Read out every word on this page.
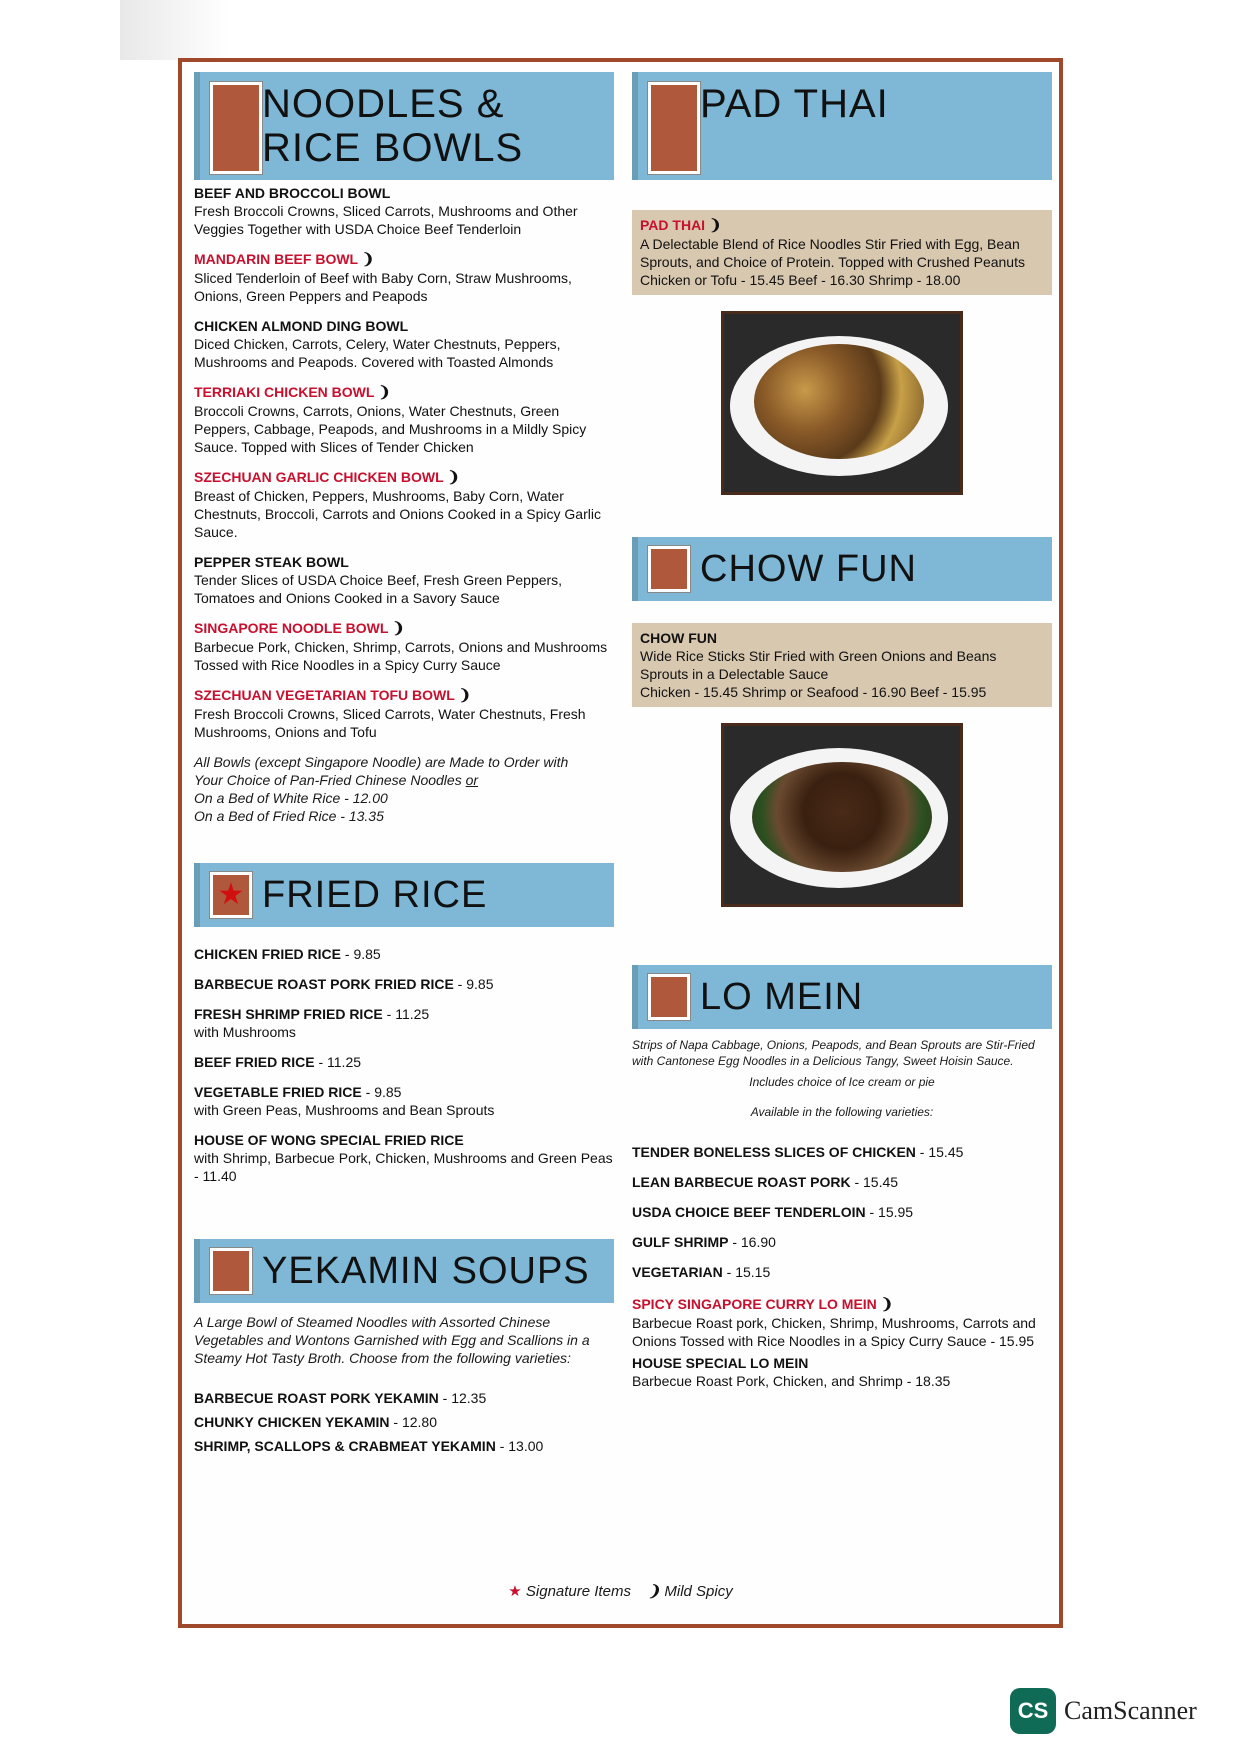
NOODLES &
RICE BOWLS
BEEF AND BROCCOLI BOWL
Fresh Broccoli Crowns, Sliced Carrots, Mushrooms and Other Veggies Together with USDA Choice Beef Tenderloin
MANDARIN BEEF BOWL ❩
Sliced Tenderloin of Beef with Baby Corn, Straw Mushrooms, Onions, Green Peppers and Peapods
CHICKEN ALMOND DING BOWL
Diced Chicken, Carrots, Celery, Water Chestnuts, Peppers, Mushrooms and Peapods. Covered with Toasted Almonds
TERRIAKI CHICKEN BOWL ❩
Broccoli Crowns, Carrots, Onions, Water Chestnuts, Green Peppers, Cabbage, Peapods, and Mushrooms in a Mildly Spicy Sauce. Topped with Slices of Tender Chicken
SZECHUAN GARLIC CHICKEN BOWL ❩
Breast of Chicken, Peppers, Mushrooms, Baby Corn, Water Chestnuts, Broccoli, Carrots and Onions Cooked in a Spicy Garlic Sauce.
PEPPER STEAK BOWL
Tender Slices of USDA Choice Beef, Fresh Green Peppers, Tomatoes and Onions Cooked in a Savory Sauce
SINGAPORE NOODLE BOWL ❩
Barbecue Pork, Chicken, Shrimp, Carrots, Onions and Mushrooms Tossed with Rice Noodles in a Spicy Curry Sauce
SZECHUAN VEGETARIAN TOFU BOWL ❩
Fresh Broccoli Crowns, Sliced Carrots, Water Chestnuts, Fresh Mushrooms, Onions and Tofu
All Bowls (except Singapore Noodle) are Made to Order with
Your Choice of Pan-Fried Chinese Noodles or
On a Bed of White Rice - 12.00
On a Bed of Fried Rice - 13.35
★ FRIED RICE
CHICKEN FRIED RICE - 9.85
BARBECUE ROAST PORK FRIED RICE - 9.85
FRESH SHRIMP FRIED RICE - 11.25
with Mushrooms
BEEF FRIED RICE - 11.25
VEGETABLE FRIED RICE - 9.85
with Green Peas, Mushrooms and Bean Sprouts
HOUSE OF WONG SPECIAL FRIED RICE
with Shrimp, Barbecue Pork, Chicken, Mushrooms and Green Peas - 11.40
YEKAMIN SOUPS
A Large Bowl of Steamed Noodles with Assorted Chinese Vegetables and Wontons Garnished with Egg and Scallions in a Steamy Hot Tasty Broth. Choose from the following varieties:
BARBECUE ROAST PORK YEKAMIN - 12.35
CHUNKY CHICKEN YEKAMIN - 12.80
SHRIMP, SCALLOPS & CRABMEAT YEKAMIN - 13.00
PAD THAI
PAD THAI ❩
A Delectable Blend of Rice Noodles Stir Fried with Egg, Bean Sprouts, and Choice of Protein. Topped with Crushed Peanuts
Chicken or Tofu - 15.45 Beef - 16.30 Shrimp - 18.00
CHOW FUN
CHOW FUN
Wide Rice Sticks Stir Fried with Green Onions and Beans Sprouts in a Delectable Sauce
Chicken - 15.45 Shrimp or Seafood - 16.90 Beef - 15.95
LO MEIN
Strips of Napa Cabbage, Onions, Peapods, and Bean Sprouts are Stir-Fried with Cantonese Egg Noodles in a Delicious Tangy, Sweet Hoisin Sauce.
Includes choice of Ice cream or pie
Available in the following varieties:
TENDER BONELESS SLICES OF CHICKEN - 15.45
LEAN BARBECUE ROAST PORK - 15.45
USDA CHOICE BEEF TENDERLOIN - 15.95
GULF SHRIMP - 16.90
VEGETARIAN - 15.15
SPICY SINGAPORE CURRY LO MEIN ❩
Barbecue Roast pork, Chicken, Shrimp, Mushrooms, Carrots and Onions Tossed with Rice Noodles in a Spicy Curry Sauce - 15.95
HOUSE SPECIAL LO MEIN
Barbecue Roast Pork, Chicken, and Shrimp - 18.35
★ Signature Items ❩ Mild Spicy
CS CamScanner
